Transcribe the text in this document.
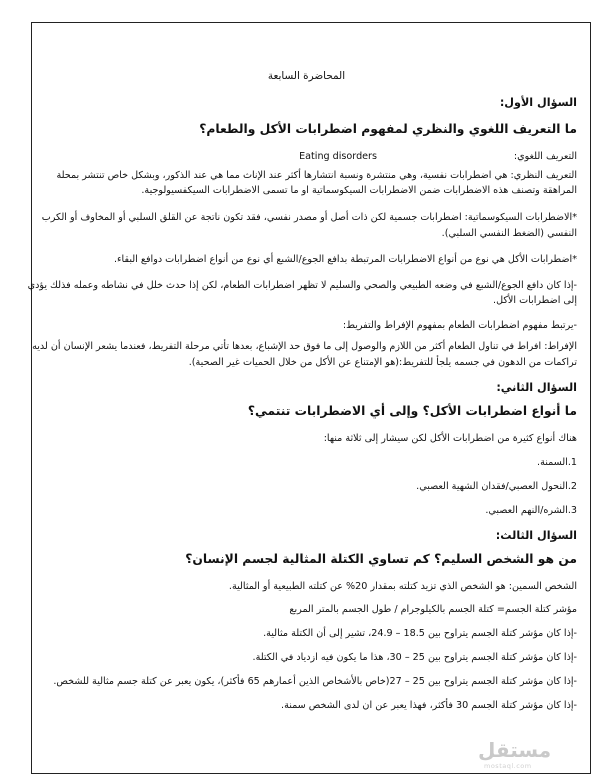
المحاضرة السابعة
السؤال الأول:
ما التعريف اللغوي والنظري لمفهوم اضطرابات الأكل والطعام؟
التعريف اللغوي:
Eating disorders
التعريف النظري: هي اضطرابات نفسية، وهي منتشرة ونسبة انتشارها أكثر عند الإناث مما هي عند الذكور، وبشكل خاص تنتشر بمحلة
المراهقة وتصنف هذه الاضطرابات ضمن الاضطرابات السيكوسماتية او ما تسمى الاضطرابات السيكفسيولوجية.
*الاضطرابات السيكوسماتية: اضطرابات جسمية لكن ذات أصل أو مصدر نفسي، فقد تكون ناتجة عن القلق السلبي أو المخاوف أو الكرب
النفسي (الضغط النفسي السلبي).
*اضطرابات الأكل هي نوع من أنواع الاضطرابات المرتبطة بدافع الجوع/الشبع أي نوع من أنواع اضطرابات دوافع البقاء.
-إذا كان دافع الجوع/الشبع في وضعه الطبيعي والصحي والسليم لا تظهر اضطرابات الطعام، لكن إذا حدث خلل في نشاطه وعمله فذلك يؤدي
إلى اضطرابات الأكل.
-يرتبط مفهوم اضطرابات الطعام بمفهوم الإفراط والتفريط:
الإفراط: افراط في تناول الطعام أكثر من اللازم والوصول إلى ما فوق حد الإشباع، بعدها تأتي مرحلة التفريط، فعندما يشعر الإنسان أن لديه
تراكمات من الدهون في جسمه يلجأ للتفريط:(هو الإمتناع عن الأكل من خلال الحميات غير الصحية).
السؤال الثاني:
ما أنواع اضطرابات الأكل؟ وإلى أي الاضطرابات تنتمي؟
هناك أنواع كثيرة من اضطرابات الأكل لكن سيشار إلى ثلاثة منها:
1.السمنة.
2.النحول العصبي/فقدان الشهية العصبي.
3.الشره/النهم العصبي.
السؤال الثالث:
من هو الشخص السليم؟ كم تساوي الكتلة المثالية لجسم الإنسان؟
الشخص السمين: هو الشخص الذي تزيد كتلته بمقدار 20% عن كتلته الطبيعية أو المثالية.
مؤشر كتلة الجسم= كتلة الجسم بالكيلوجرام / طول الجسم بالمتر المربع
-إذا كان مؤشر كتلة الجسم يتراوح بين 18.5 – 24.9، تشير إلى أن الكتلة مثالية.
-إذا كان مؤشر كتلة الجسم يتراوح بين 25 – 30، هذا ما يكون فيه ازدياد في الكتلة.
-إذا كان مؤشر كتلة الجسم يتراوح بين 25 – 27(خاص بالأشخاص الذين أعمارهم 65 فأكثر)، يكون يعبر عن كتلة جسم مثالية للشخص.
-إذا كان مؤشر كتلة الجسم 30 فأكثر، فهذا يعبر عن ان لدى الشخص سمنة.
مستقل
mostaql.com
